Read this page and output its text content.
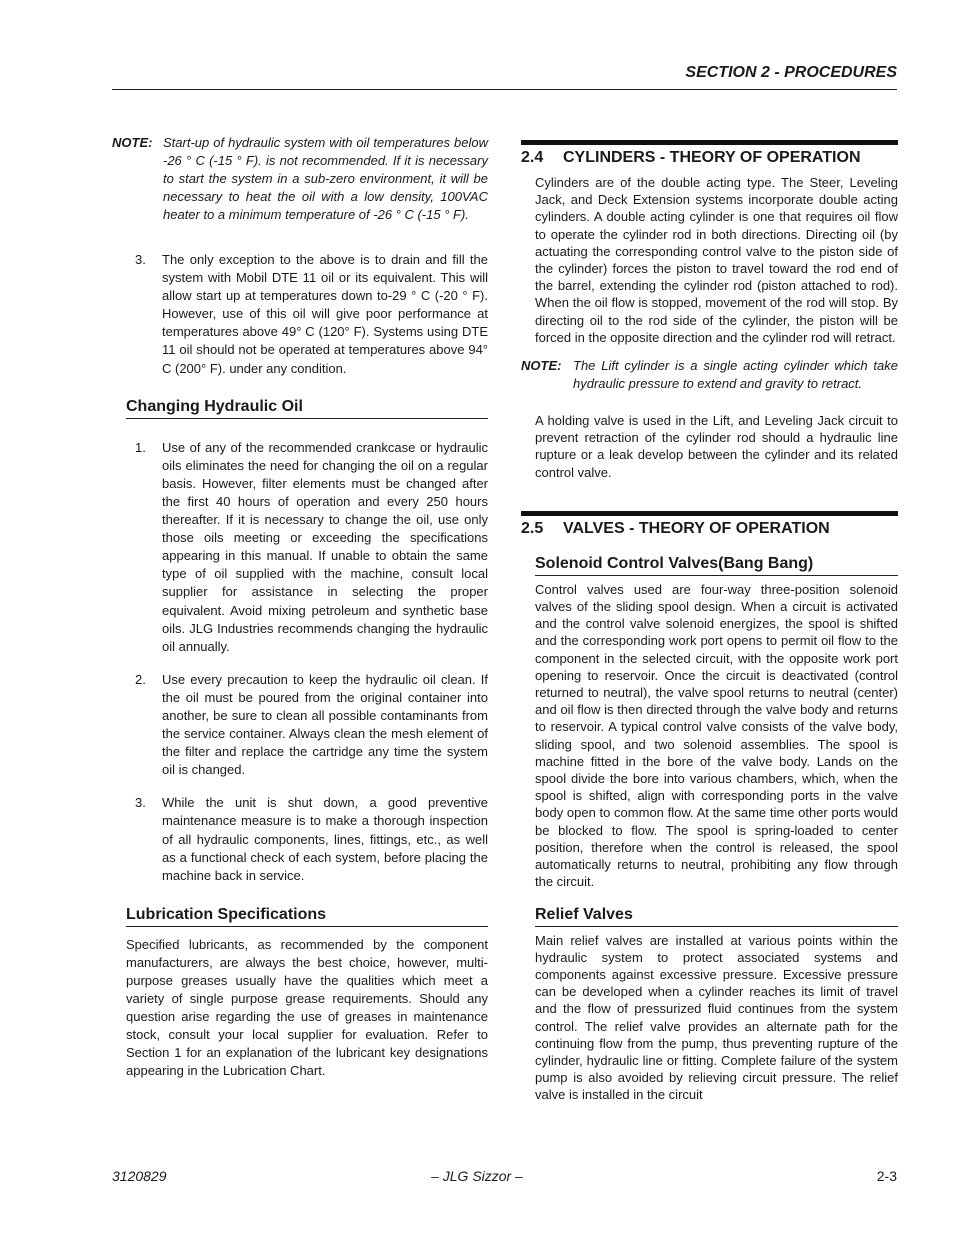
SECTION 2 - PROCEDURES
NOTE: Start-up of hydraulic system with oil temperatures below -26 ° C (-15 ° F). is not recommended. If it is necessary to start the system in a sub-zero environment, it will be necessary to heat the oil with a low density, 100VAC heater to a minimum temperature of -26 ° C (-15 ° F).
3.	The only exception to the above is to drain and fill the system with Mobil DTE 11 oil or its equivalent. This will allow start up at temperatures down to-29 ° C (-20 ° F). However, use of this oil will give poor performance at temperatures above 49° C (120° F). Systems using DTE 11 oil should not be operated at temperatures above 94° C (200° F). under any condition.
Changing Hydraulic Oil
1.	Use of any of the recommended crankcase or hydraulic oils eliminates the need for changing the oil on a regular basis. However, filter elements must be changed after the first 40 hours of operation and every 250 hours thereafter. If it is necessary to change the oil, use only those oils meeting or exceeding the specifications appearing in this manual. If unable to obtain the same type of oil supplied with the machine, consult local supplier for assistance in selecting the proper equivalent. Avoid mixing petroleum and synthetic base oils. JLG Industries recommends changing the hydraulic oil annually.
2.	Use every precaution to keep the hydraulic oil clean. If the oil must be poured from the original container into another, be sure to clean all possible contaminants from the service container. Always clean the mesh element of the filter and replace the cartridge any time the system oil is changed.
3.	While the unit is shut down, a good preventive maintenance measure is to make a thorough inspection of all hydraulic components, lines, fittings, etc., as well as a functional check of each system, before placing the machine back in service.
Lubrication Specifications
Specified lubricants, as recommended by the component manufacturers, are always the best choice, however, multi-purpose greases usually have the qualities which meet a variety of single purpose grease requirements. Should any question arise regarding the use of greases in maintenance stock, consult your local supplier for evaluation. Refer to Section 1 for an explanation of the lubricant key designations appearing in the Lubrication Chart.
2.4 CYLINDERS - THEORY OF OPERATION
Cylinders are of the double acting type. The Steer, Leveling Jack, and Deck Extension systems incorporate double acting cylinders. A double acting cylinder is one that requires oil flow to operate the cylinder rod in both directions. Directing oil (by actuating the corresponding control valve to the piston side of the cylinder) forces the piston to travel toward the rod end of the barrel, extending the cylinder rod (piston attached to rod). When the oil flow is stopped, movement of the rod will stop. By directing oil to the rod side of the cylinder, the piston will be forced in the opposite direction and the cylinder rod will retract.
NOTE: The Lift cylinder is a single acting cylinder which take hydraulic pressure to extend and gravity to retract.
A holding valve is used in the Lift, and Leveling Jack circuit to prevent retraction of the cylinder rod should a hydraulic line rupture or a leak develop between the cylinder and its related control valve.
2.5 VALVES - THEORY OF OPERATION
Solenoid Control Valves(Bang Bang)
Control valves used are four-way three-position solenoid valves of the sliding spool design. When a circuit is activated and the control valve solenoid energizes, the spool is shifted and the corresponding work port opens to permit oil flow to the component in the selected circuit, with the opposite work port opening to reservoir. Once the circuit is deactivated (control returned to neutral), the valve spool returns to neutral (center) and oil flow is then directed through the valve body and returns to reservoir. A typical control valve consists of the valve body, sliding spool, and two solenoid assemblies. The spool is machine fitted in the bore of the valve body. Lands on the spool divide the bore into various chambers, which, when the spool is shifted, align with corresponding ports in the valve body open to common flow. At the same time other ports would be blocked to flow. The spool is spring-loaded to center position, therefore when the control is released, the spool automatically returns to neutral, prohibiting any flow through the circuit.
Relief Valves
Main relief valves are installed at various points within the hydraulic system to protect associated systems and components against excessive pressure. Excessive pressure can be developed when a cylinder reaches its limit of travel and the flow of pressurized fluid continues from the system control. The relief valve provides an alternate path for the continuing flow from the pump, thus preventing rupture of the cylinder, hydraulic line or fitting. Complete failure of the system pump is also avoided by relieving circuit pressure. The relief valve is installed in the circuit
3120829	– JLG Sizzor –	2-3
